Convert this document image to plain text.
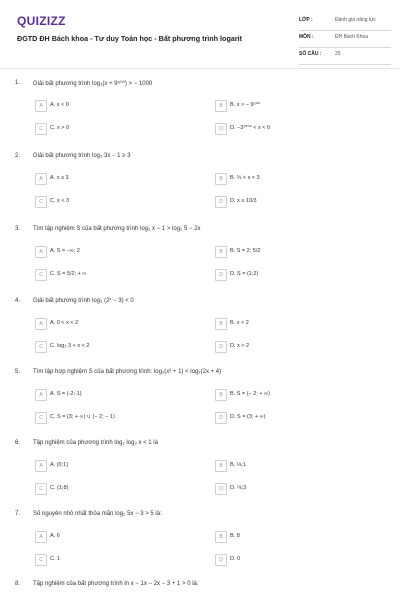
QUIZIZZ
ĐGTD ĐH Bách khoa - Tư duy Toán học - Bất phương trình logarit
LỚP :	Đánh giá năng lực
MÔN :	ĐH Bách Khoa
SỐ CÂU :	25
1. Giải bất phương trình log₃(x + 9⁵⁰⁰) > − 1000
A	A. x < 0	B	B. x > − 9⁵⁰⁰
C	C. x > 0	D	D. −3¹⁰⁰⁰ < x < 0
2. Giải bất phương trình log₂ 3x − 1 ≥ 3
A	A. x ≥ 3	B	B. ⅓ < x < 3
C	C. x < 3	D	D. x ≥ 10/3
3. Tìm tập nghiệm S của bất phương trình log₂ x − 1 > log₂ 5 − 2x
A	A. S = −∞; 2	B	B. S = 2; 5/2
C	C. S = 5/2; + ∞	D	D. S = (1;2)
4. Giải bất phương trình log₃ (2ˣ − 3) < 0
A	A. 0 < x < 2	B	B. x < 2
C	C. log₂ 3 < x < 2	D	D. x > 2
5. Tìm tập hợp nghiệm S của bất phương trình: log₂(x² + 1) < log₂(2x + 4)
A	A. S = (-2;-1)	B	B. S = (− 2; + ∞)
C	C. S = (3; + ∞) ∪ (− 2; − 1)	D	D. S = (3; + ∞)
6. Tập nghiệm của phương trình log₂ log₃ x < 1 là
A	A. (0;1)	B	B. ⅛;1
C	C. (1;8)	D	D. ⅛;3
7. Số nguyên nhỏ nhất thỏa mãn log₂ 5x − 3 > 5 là:
A	A. 6	B	B. 8
C	C. 1	D	D. 0
8. Tập nghiệm của bất phương trình ln x − 1x − 2x − 3 + 1 > 0 là:
